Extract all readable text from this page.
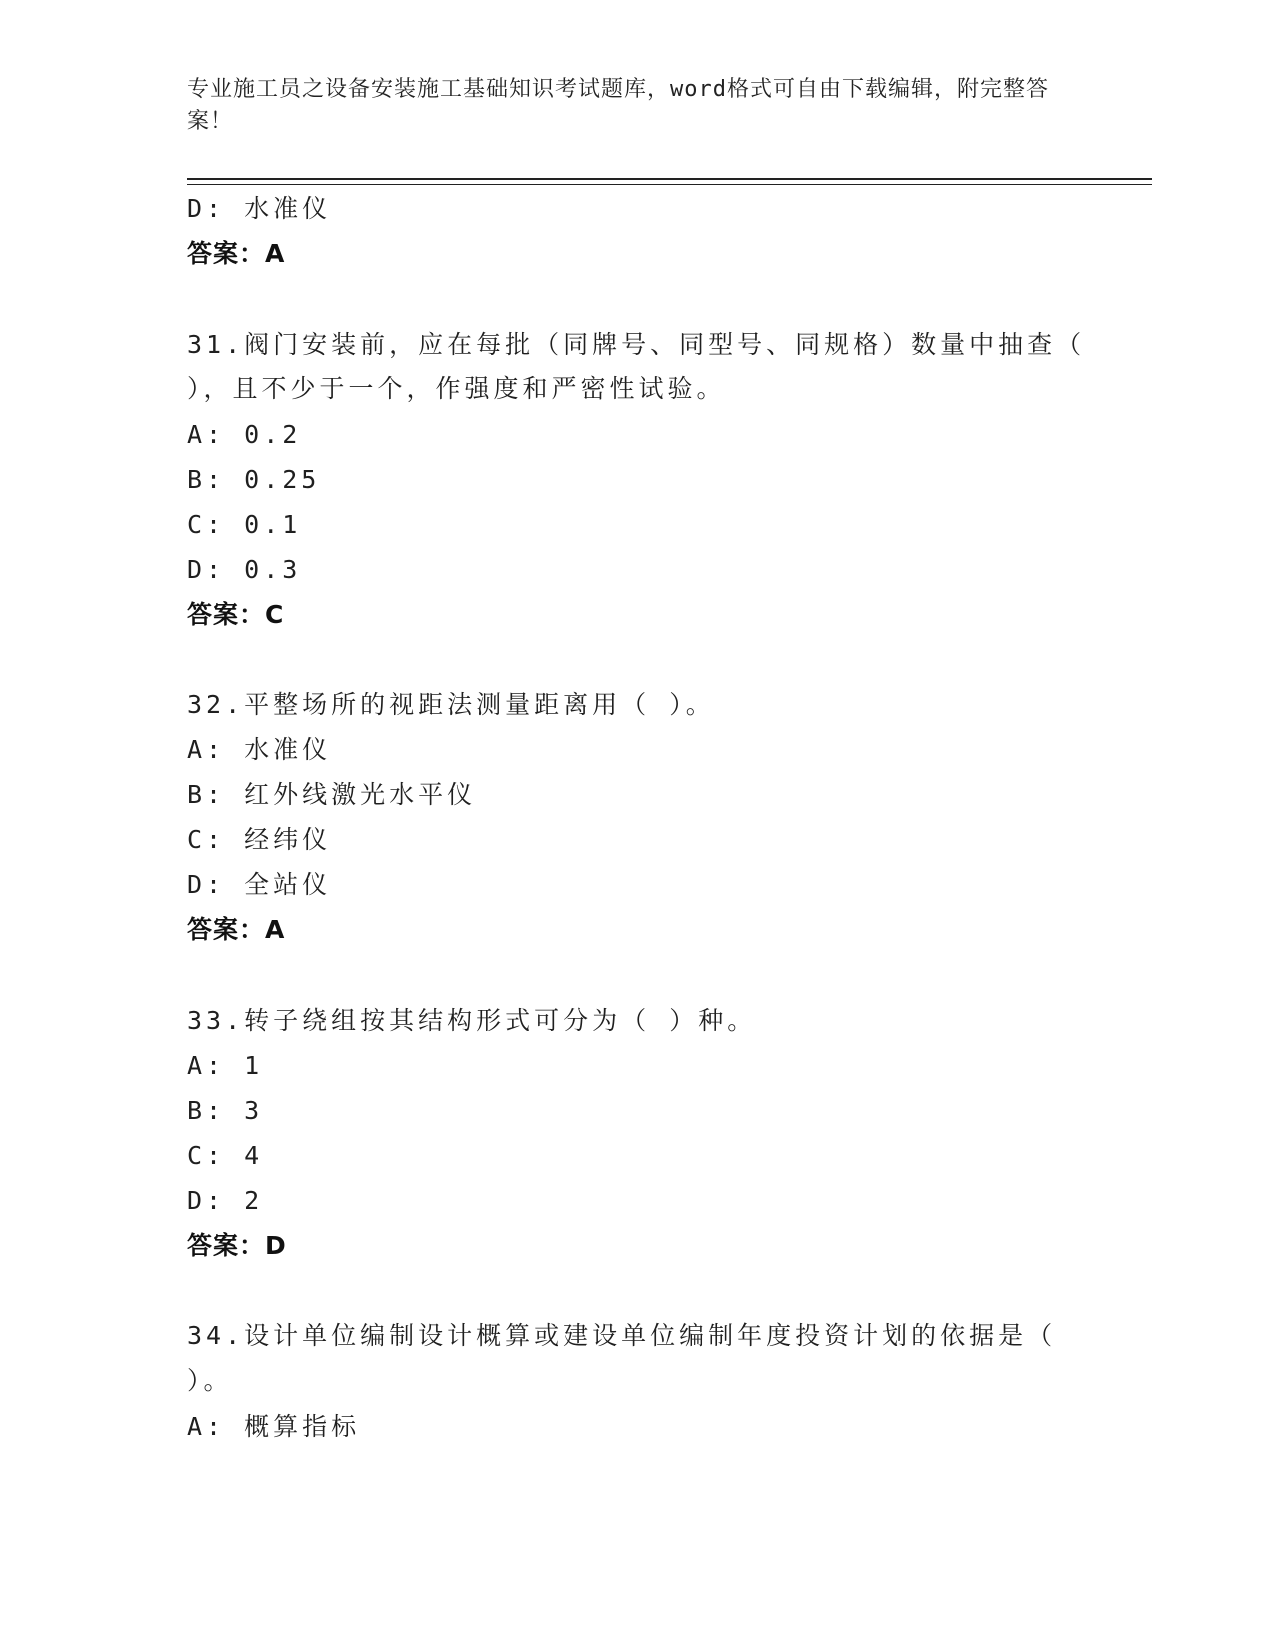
专业施工员之设备安装施工基础知识考试题库，word格式可自由下载编辑，附完整答案！
D: 水准仪
答案：A
31.阀门安装前，应在每批（同牌号、同型号、同规格）数量中抽查（
），且不少于一个，作强度和严密性试验。
A: 0.2
B: 0.25
C: 0.1
D: 0.3
答案：C
32.平整场所的视距法测量距离用（ ）。
A: 水准仪
B: 红外线激光水平仪
C: 经纬仪
D: 全站仪
答案：A
33.转子绕组按其结构形式可分为（ ）种。
A: 1
B: 3
C: 4
D: 2
答案：D
34.设计单位编制设计概算或建设单位编制年度投资计划的依据是（
）。
A: 概算指标
